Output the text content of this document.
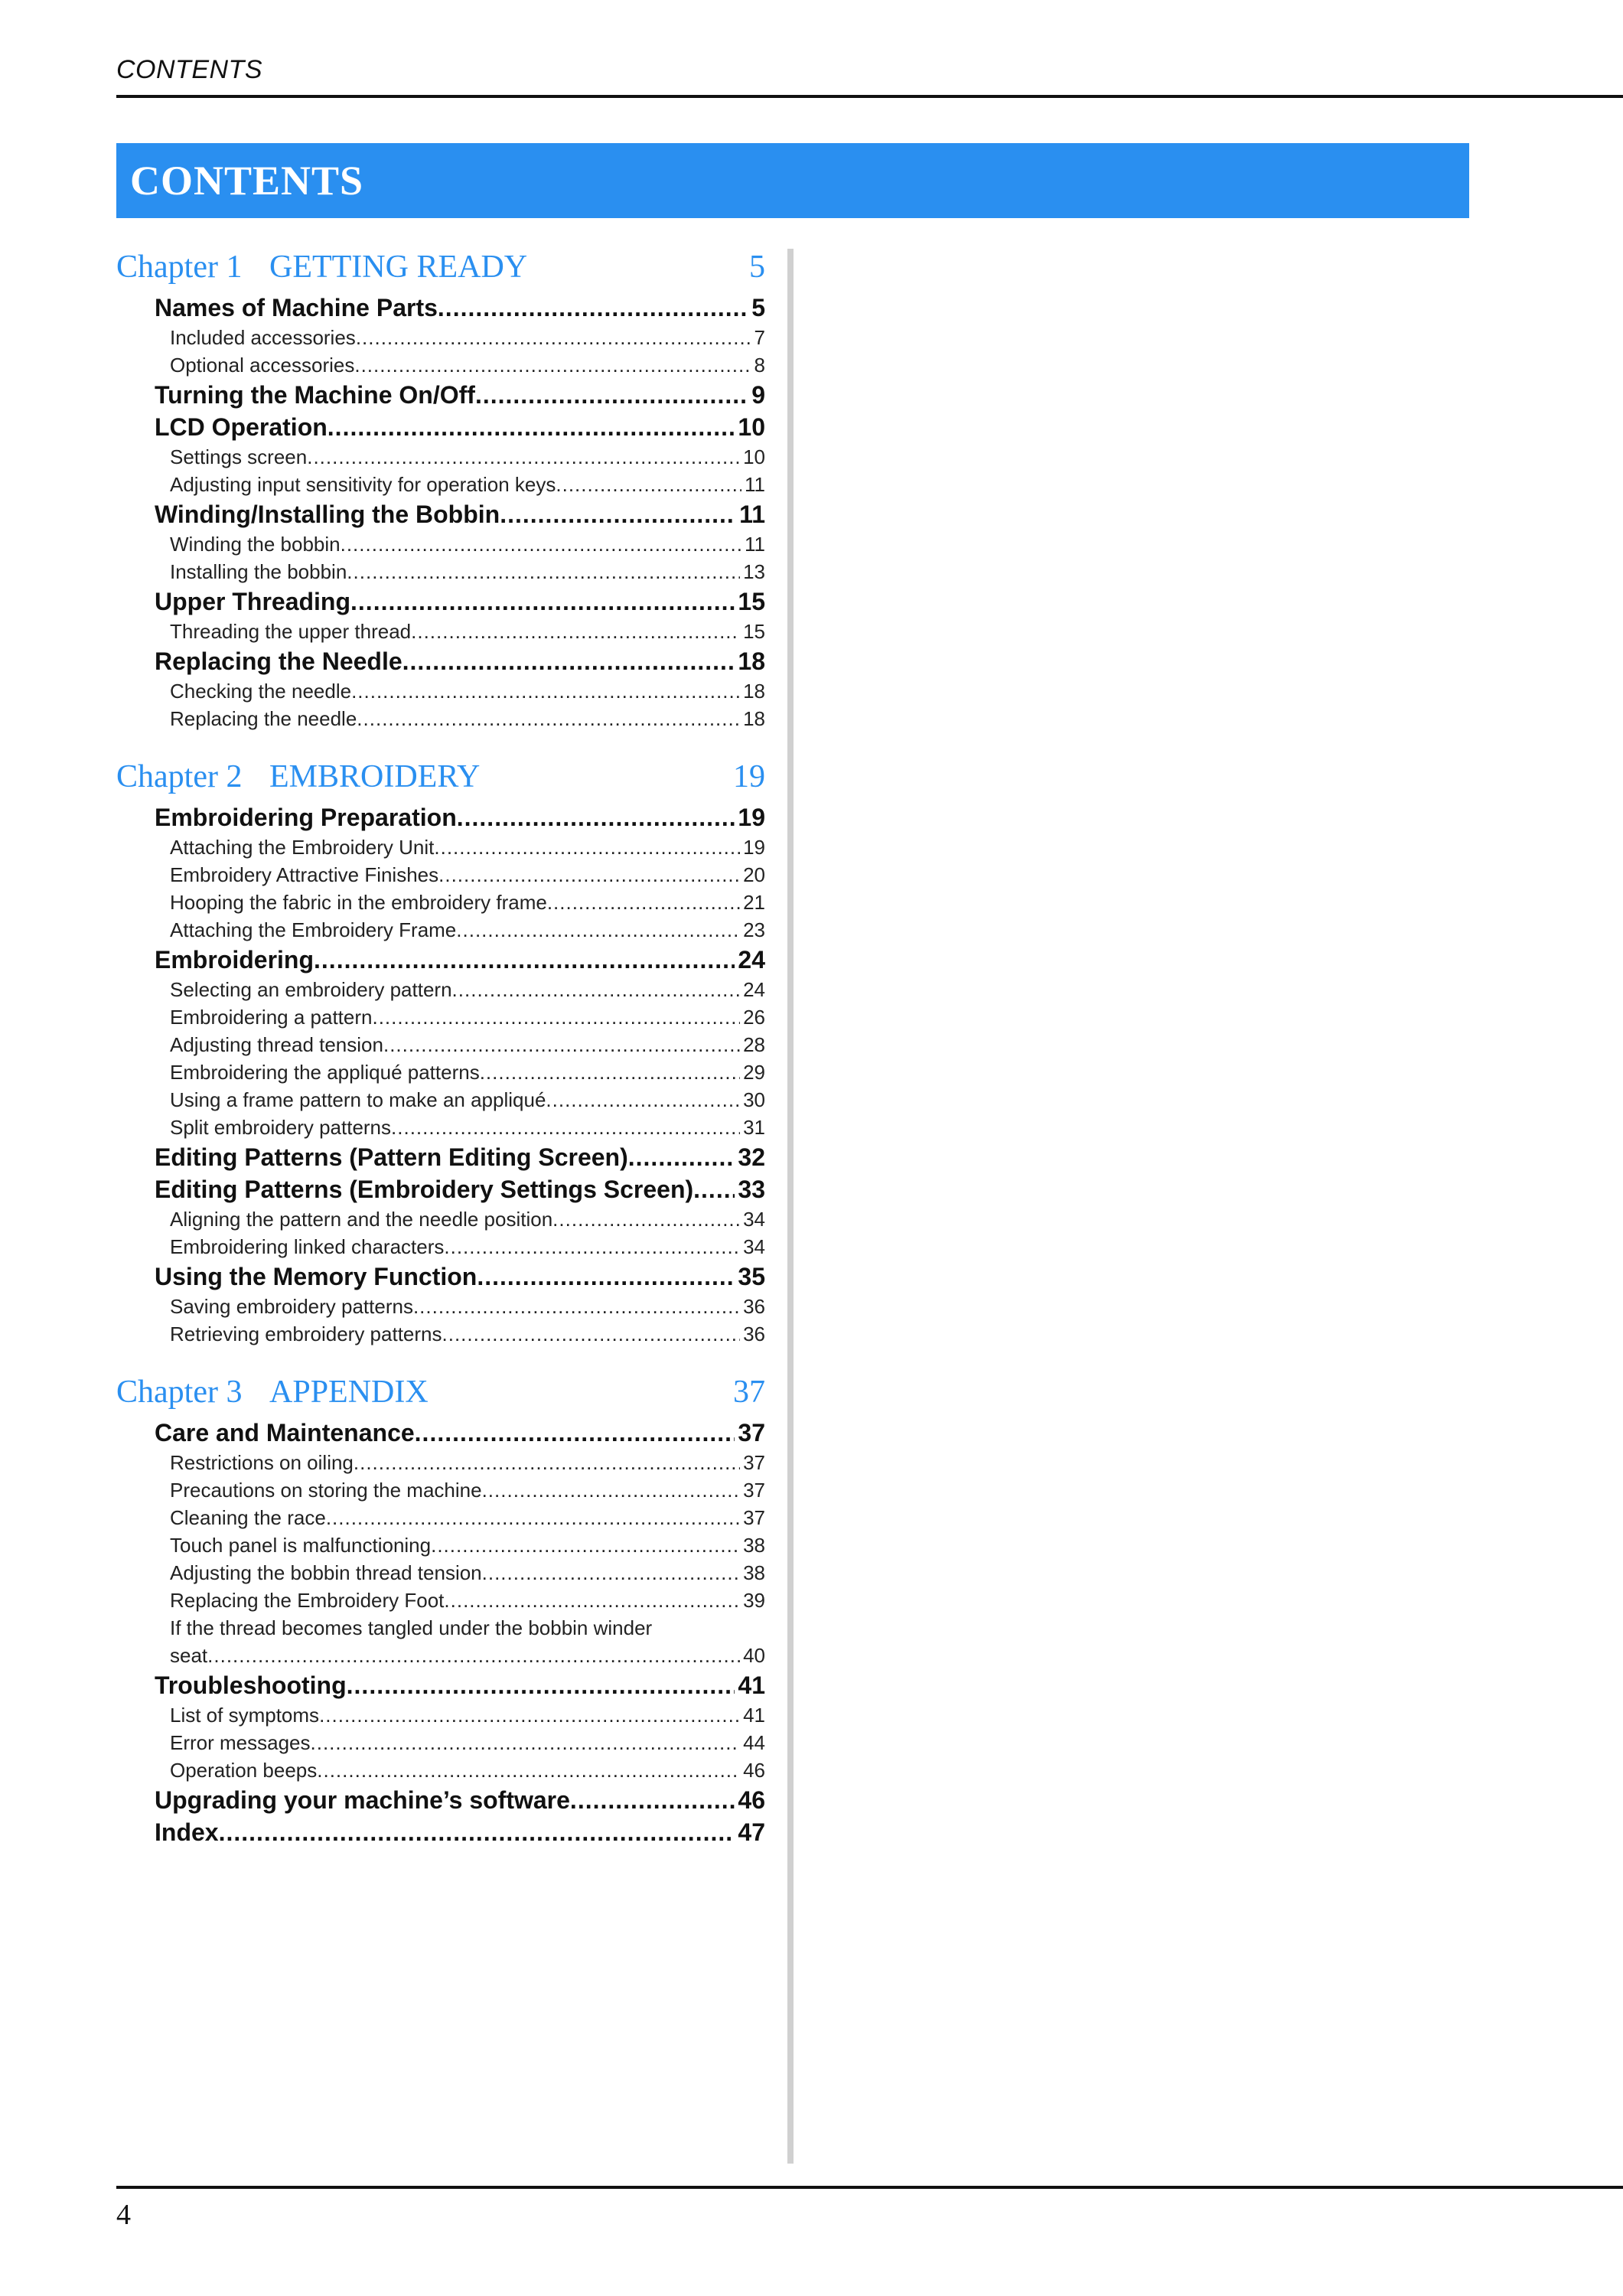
CONTENTS
CONTENTS
Chapter 1 GETTING READY	5
Names of Machine Parts .....	5
Included accessories .....	7
Optional accessories .....	8
Turning the Machine On/Off .....	9
LCD Operation .....	10
Settings screen .....	10
Adjusting input sensitivity for operation keys .....	11
Winding/Installing the Bobbin .....	11
Winding the bobbin .....	11
Installing the bobbin .....	13
Upper Threading .....	15
Threading the upper thread .....	15
Replacing the Needle .....	18
Checking the needle .....	18
Replacing the needle .....	18
Chapter 2 EMBROIDERY	19
Embroidering Preparation .....	19
Attaching the Embroidery Unit .....	19
Embroidery Attractive Finishes .....	20
Hooping the fabric in the embroidery frame .....	21
Attaching the Embroidery Frame .....	23
Embroidering .....	24
Selecting an embroidery pattern .....	24
Embroidering a pattern .....	26
Adjusting thread tension .....	28
Embroidering the appliqué patterns .....	29
Using a frame pattern to make an appliqué .....	30
Split embroidery patterns .....	31
Editing Patterns (Pattern Editing Screen) .....	32
Editing Patterns (Embroidery Settings Screen) ..... 33
Aligning the pattern and the needle position .....	34
Embroidering linked characters .....	34
Using the Memory Function .....	35
Saving embroidery patterns .....	36
Retrieving embroidery patterns .....	36
Chapter 3 APPENDIX	37
Care and Maintenance .....	37
Restrictions on oiling .....	37
Precautions on storing the machine .....	37
Cleaning the race .....	37
Touch panel is malfunctioning .....	38
Adjusting the bobbin thread tension .....	38
Replacing the Embroidery Foot .....	39
If the thread becomes tangled under the bobbin winder
seat .....	40
Troubleshooting .....	41
List of symptoms .....	41
Error messages .....	44
Operation beeps .....	46
Upgrading your machine’s software .....	46
Index .....	47
4
